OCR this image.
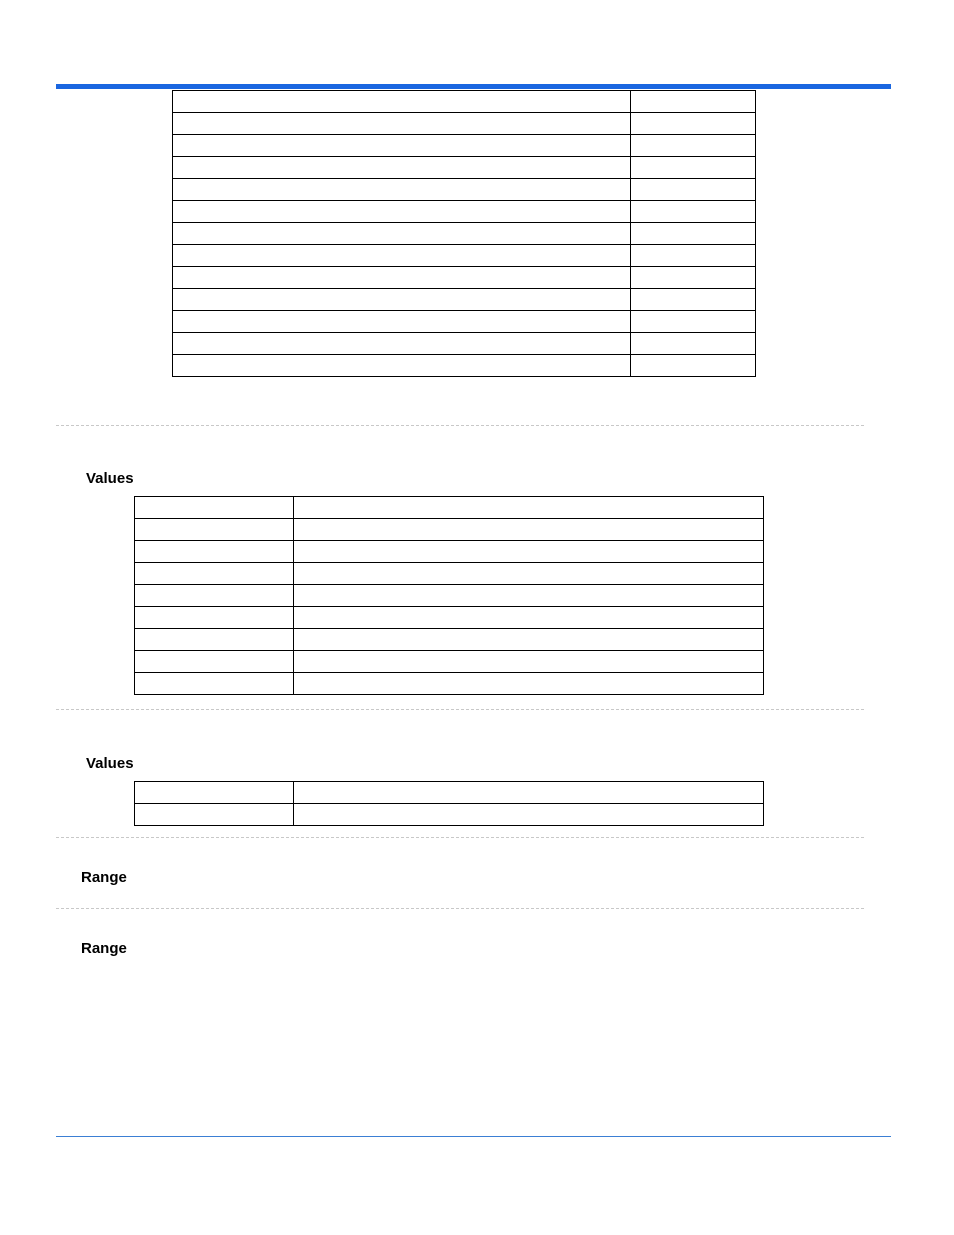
Values

Values

Range
Range
